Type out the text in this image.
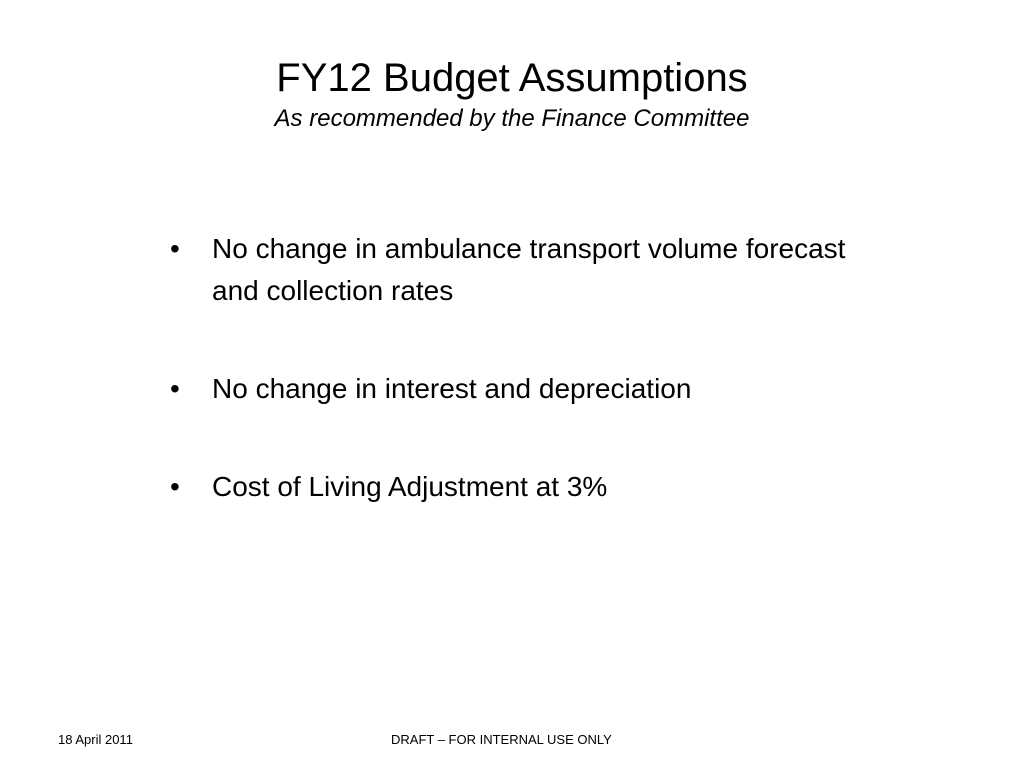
FY12 Budget Assumptions

As recommended by the Finance Committee

• No change in ambulance transport volume forecast and collection rates
• No change in interest and depreciation
• Cost of Living Adjustment at 3%
18 April 2011	DRAFT – FOR INTERNAL USE ONLY
